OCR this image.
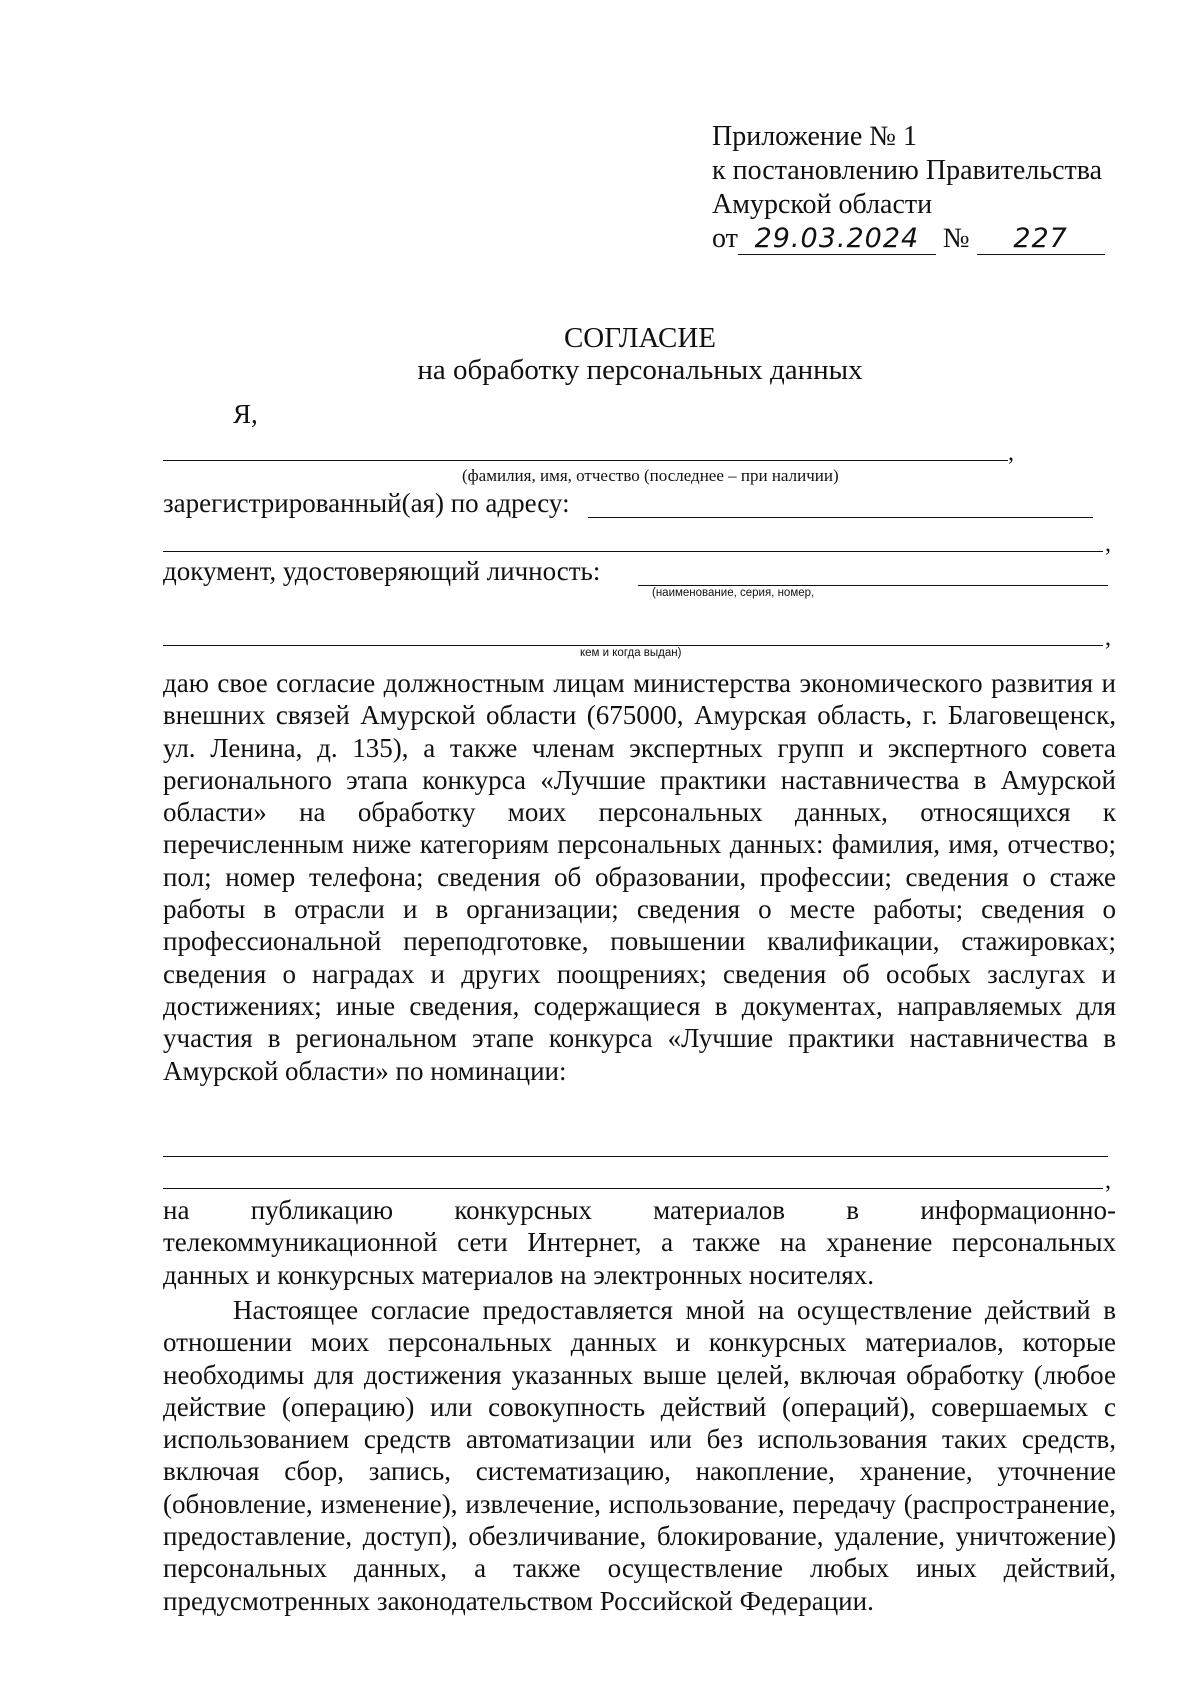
Приложение № 1
к постановлению Правительства
Амурской области
от 29.03.2024 № 227
СОГЛАСИЕ
на обработку персональных данных
Я,
,
(фамилия, имя, отчество (последнее – при наличии)
зарегистрированный(ая) по адресу:
,
документ, удостоверяющий личность:
(наименование, серия, номер,
,
кем и когда выдан)
даю свое согласие должностным лицам министерства экономического развития и внешних связей Амурской области (675000, Амурская область, г. Благовещенск, ул. Ленина, д. 135), а также членам экспертных групп и экспертного совета регионального этапа конкурса «Лучшие практики наставничества в Амурской области» на обработку моих персональных данных, относящихся к перечисленным ниже категориям персональных данных: фамилия, имя, отчество; пол; номер телефона; сведения об образовании, профессии; сведения о стаже работы в отрасли и в организации; сведения о месте работы; сведения о профессиональной переподготовке, повышении квалификации, стажировках; сведения о наградах и других поощрениях; сведения об особых заслугах и достижениях; иные сведения, содержащиеся в документах, направляемых для участия в региональном этапе конкурса «Лучшие практики наставничества в Амурской области» по номинации:
,
на публикацию конкурсных материалов в информационно-телекоммуникационной сети Интернет, а также на хранение персональных данных и конкурсных материалов на электронных носителях.
Настоящее согласие предоставляется мной на осуществление действий в отношении моих персональных данных и конкурсных материалов, которые необходимы для достижения указанных выше целей, включая обработку (любое действие (операцию) или совокупность действий (операций), совершаемых с использованием средств автоматизации или без использования таких средств, включая сбор, запись, систематизацию, накопление, хранение, уточнение (обновление, изменение), извлечение, использование, передачу (распространение, предоставление, доступ), обезличивание, блокирование, удаление, уничтожение) персональных данных, а также осуществление любых иных действий, предусмотренных законодательством Российской Федерации.
